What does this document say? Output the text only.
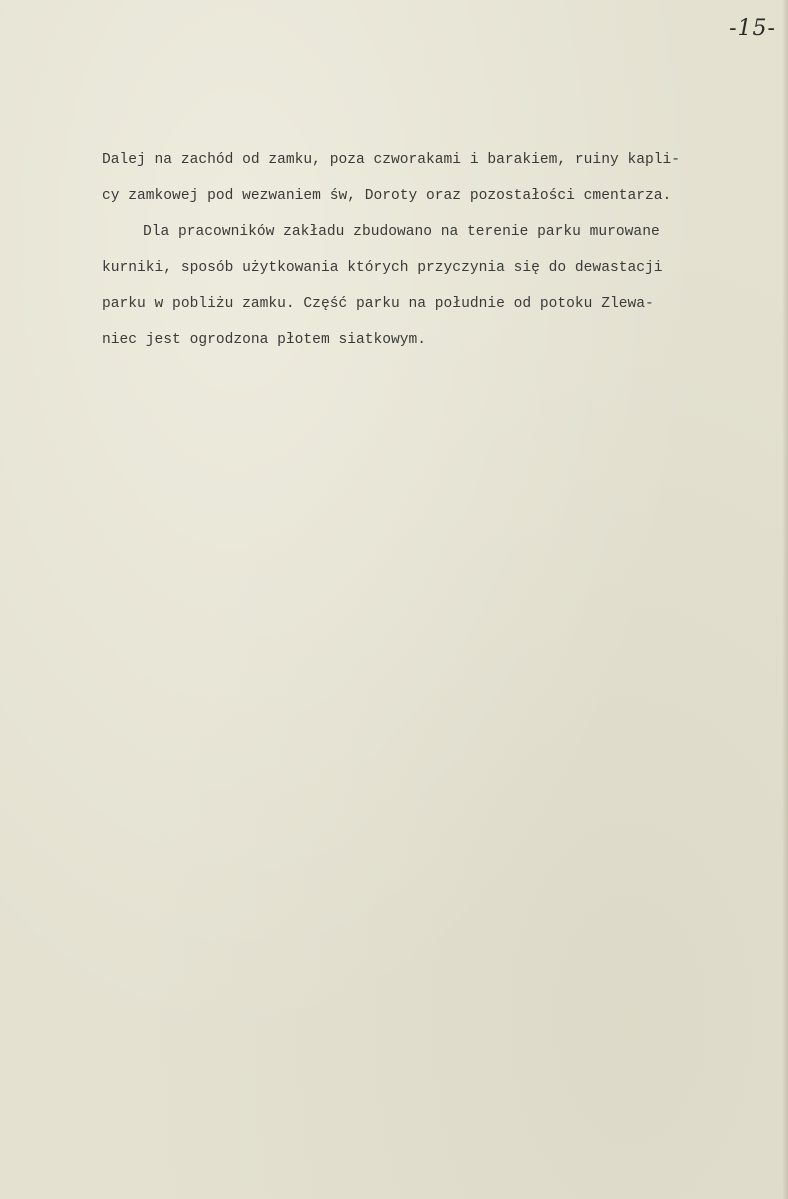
-15-
Dalej na zachód od zamku, poza czworakami i barakiem, ruiny kapli-
cy zamkowej pod wezwaniem św, Doroty oraz pozostałości cmentarza.
Dla pracowników zakładu zbudowano na terenie parku murowane
kurniki, sposób użytkowania których przyczynia się do dewastacji
parku w pobliżu zamku. Część parku na południe od potoku Zlewa-
niec jest ogrodzona płotem siatkowym.
